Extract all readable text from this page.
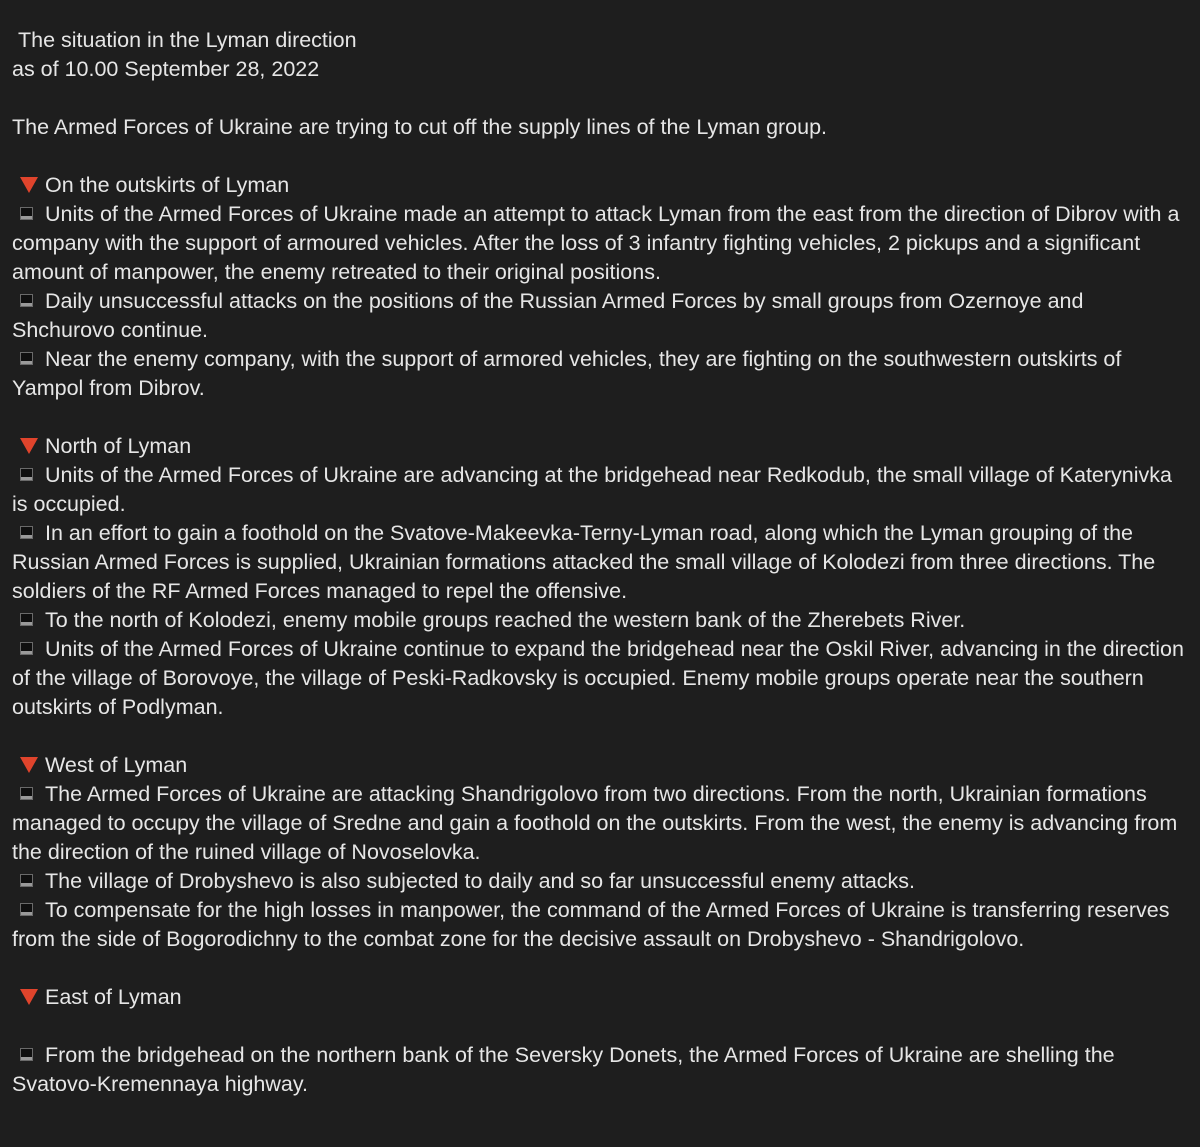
The situation in the Lyman direction
as of 10.00 September 28, 2022
The Armed Forces of Ukraine are trying to cut off the supply lines of the Lyman group.
On the outskirts of Lyman
Units of the Armed Forces of Ukraine made an attempt to attack Lyman from the east from the direction of Dibrov with a company with the support of armoured vehicles. After the loss of 3 infantry fighting vehicles, 2 pickups and a significant amount of manpower, the enemy retreated to their original positions.
Daily unsuccessful attacks on the positions of the Russian Armed Forces by small groups from Ozernoye and Shchurovo continue.
Near the enemy company, with the support of armored vehicles, they are fighting on the southwestern outskirts of Yampol from Dibrov.
North of Lyman
Units of the Armed Forces of Ukraine are advancing at the bridgehead near Redkodub, the small village of Katerynivka is occupied.
In an effort to gain a foothold on the Svatove-Makeevka-Terny-Lyman road, along which the Lyman grouping of the Russian Armed Forces is supplied, Ukrainian formations attacked the small village of Kolodezi from three directions. The soldiers of the RF Armed Forces managed to repel the offensive.
To the north of Kolodezi, enemy mobile groups reached the western bank of the Zherebets River.
Units of the Armed Forces of Ukraine continue to expand the bridgehead near the Oskil River, advancing in the direction of the village of Borovoye, the village of Peski-Radkovsky is occupied. Enemy mobile groups operate near the southern outskirts of Podlyman.
West of Lyman
The Armed Forces of Ukraine are attacking Shandrigolovo from two directions. From the north, Ukrainian formations managed to occupy the village of Sredne and gain a foothold on the outskirts. From the west, the enemy is advancing from the direction of the ruined village of Novoselovka.
The village of Drobyshevo is also subjected to daily and so far unsuccessful enemy attacks.
To compensate for the high losses in manpower, the command of the Armed Forces of Ukraine is transferring reserves from the side of Bogorodichny to the combat zone for the decisive assault on Drobyshevo - Shandrigolovo.
East of Lyman
From the bridgehead on the northern bank of the Seversky Donets, the Armed Forces of Ukraine are shelling the Svatovo-Kremennaya highway.
